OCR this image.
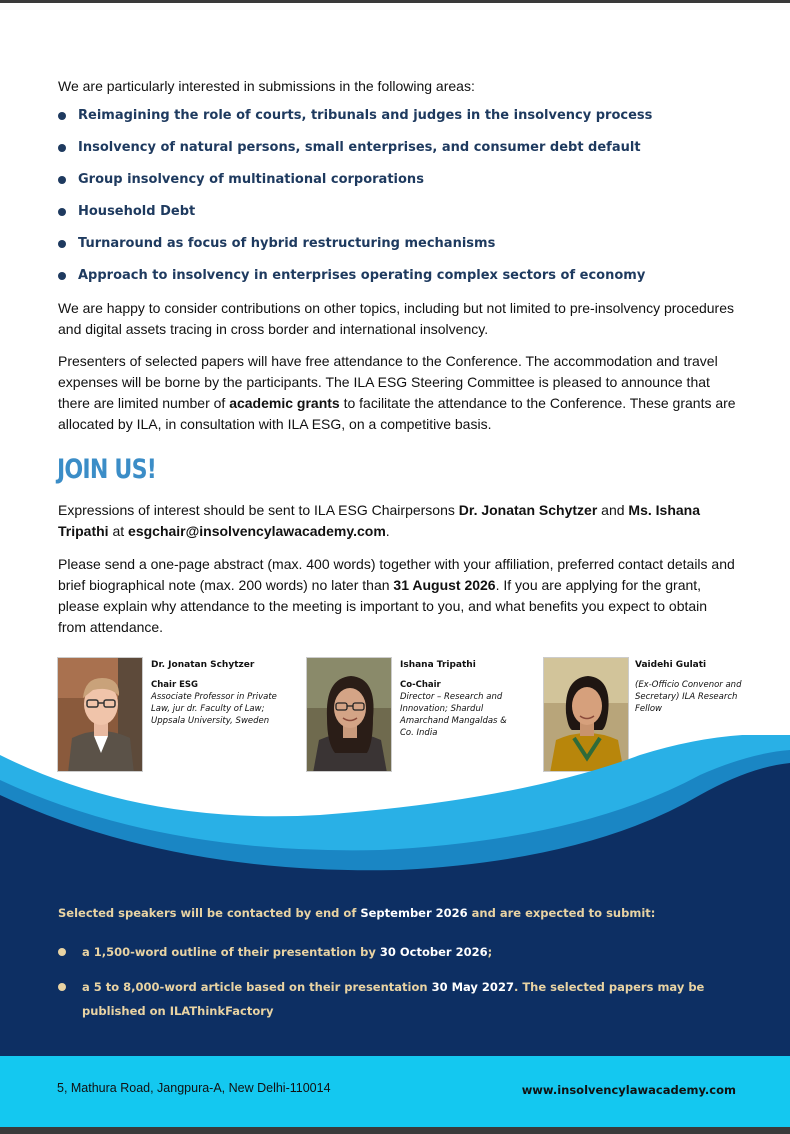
We are particularly interested in submissions in the following areas:

Reimagining the role of courts, tribunals and judges in the insolvency process
Insolvency of natural persons, small enterprises, and consumer debt default
Group insolvency of multinational corporations
Household Debt
Turnaround as focus of hybrid restructuring mechanisms
Approach to insolvency in enterprises operating complex sectors of economy

We are happy to consider contributions on other topics, including but not limited to pre-insolvency procedures and digital assets tracing in cross border and international insolvency.

Presenters of selected papers will have free attendance to the Conference. The accommodation and travel expenses will be borne by the participants. The ILA ESG Steering Committee is pleased to announce that there are limited number of academic grants to facilitate the attendance to the Conference. These grants are allocated by ILA, in consultation with ILA ESG, on a competitive basis.

JOIN US!

Expressions of interest should be sent to ILA ESG Chairpersons Dr. Jonatan Schytzer and Ms. Ishana Tripathi at esgchair@insolvencylawacademy.com.

Please send a one-page abstract (max. 400 words) together with your affiliation, preferred contact details and brief biographical note (max. 200 words) no later than 31 August 2026. If you are applying for the grant, please explain why attendance to the meeting is important to you, and what benefits you expect to obtain from attendance.

Dr. Jonatan Schytzer
Chair ESG
Associate Professor in Private Law, jur dr. Faculty of Law; Uppsala University, Sweden
Ishana Tripathi
Co-Chair
Director – Research and Innovation; Shardul Amarchand Mangaldas & Co. India
Vaidehi Gulati
(Ex-Officio Convenor and Secretary) ILA Research Fellow
Selected speakers will be contacted by end of September 2026 and are expected to submit:
a 1,500-word outline of their presentation by 30 October 2026;
a 5 to 8,000-word article based on their presentation 30 May 2027. The selected papers may be published on ILAThinkFactory
5, Mathura Road, Jangpura-A, New Delhi-110014	www.insolvencylawacademy.com
